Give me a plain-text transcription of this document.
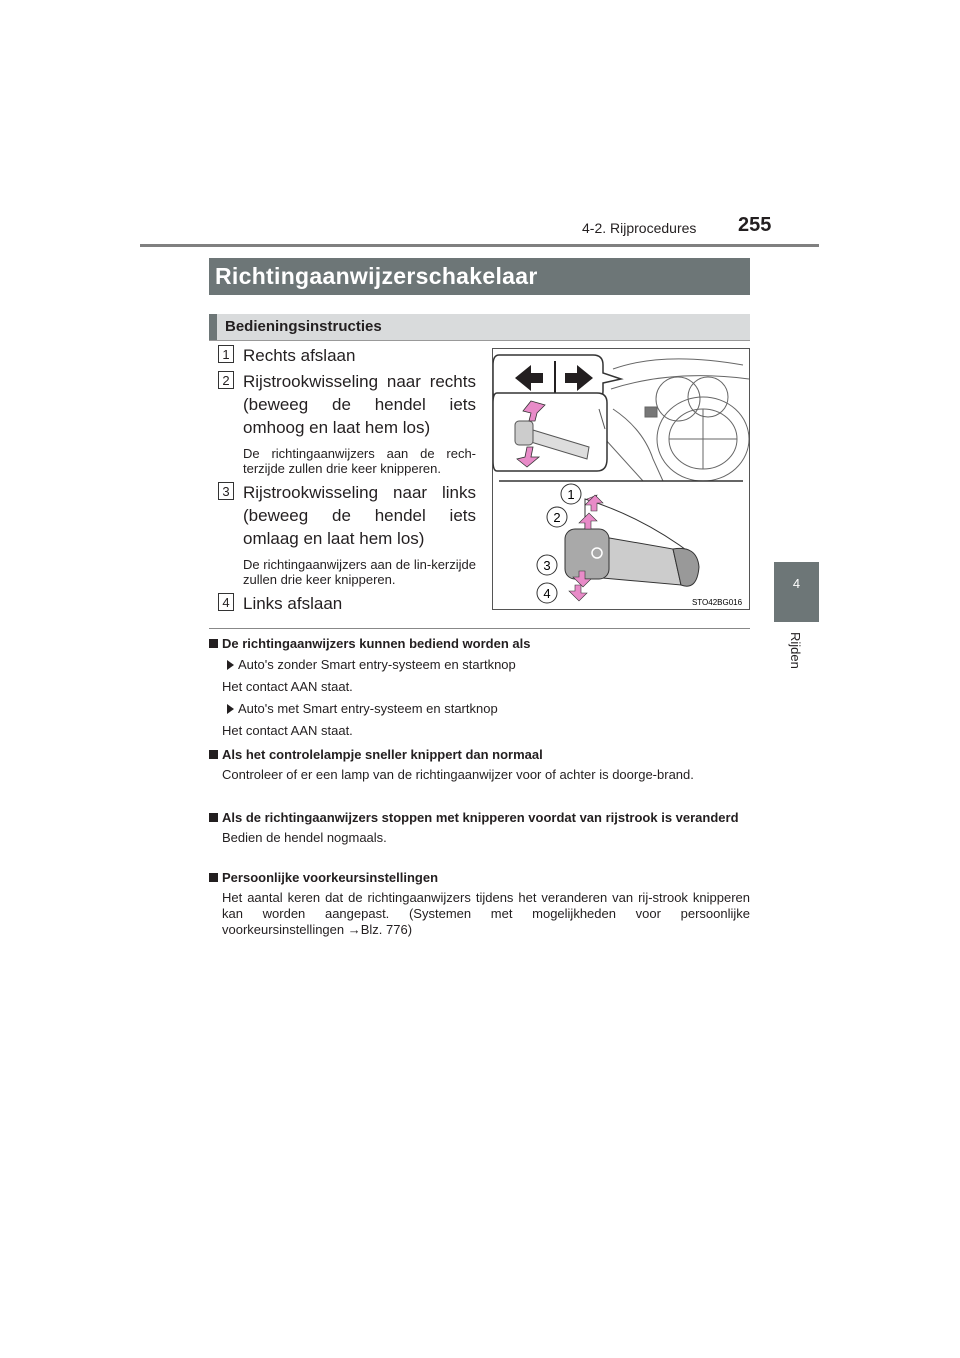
4-2. Rijprocedures 255
4
Rijden
Richtingaanwijzerschakelaar
Bedieningsinstructies
1 Rechts afslaan
2 Rijstrookwisseling naar rechts (beweeg de hendel iets omhoog en laat hem los)
De richtingaanwijzers aan de rech-terzijde zullen drie keer knipperen.
3 Rijstrookwisseling naar links (beweeg de hendel iets omlaag en laat hem los)
De richtingaanwijzers aan de lin-kerzijde zullen drie keer knipperen.
4 Links afslaan
1
2
3
4
STO42BG016
De richtingaanwijzers kunnen bediend worden als
Auto's zonder Smart entry-systeem en startknop
Het contact AAN staat.
Auto's met Smart entry-systeem en startknop
Het contact AAN staat.
Als het controlelampje sneller knippert dan normaal
Controleer of er een lamp van de richtingaanwijzer voor of achter is doorge-brand.
Als de richtingaanwijzers stoppen met knipperen voordat van rijstrook is veranderd
Bedien de hendel nogmaals.
Persoonlijke voorkeursinstellingen
Het aantal keren dat de richtingaanwijzers tijdens het veranderen van rij-strook knipperen kan worden aangepast. (Systemen met mogelijkheden voor persoonlijke voorkeursinstellingen →Blz. 776)
